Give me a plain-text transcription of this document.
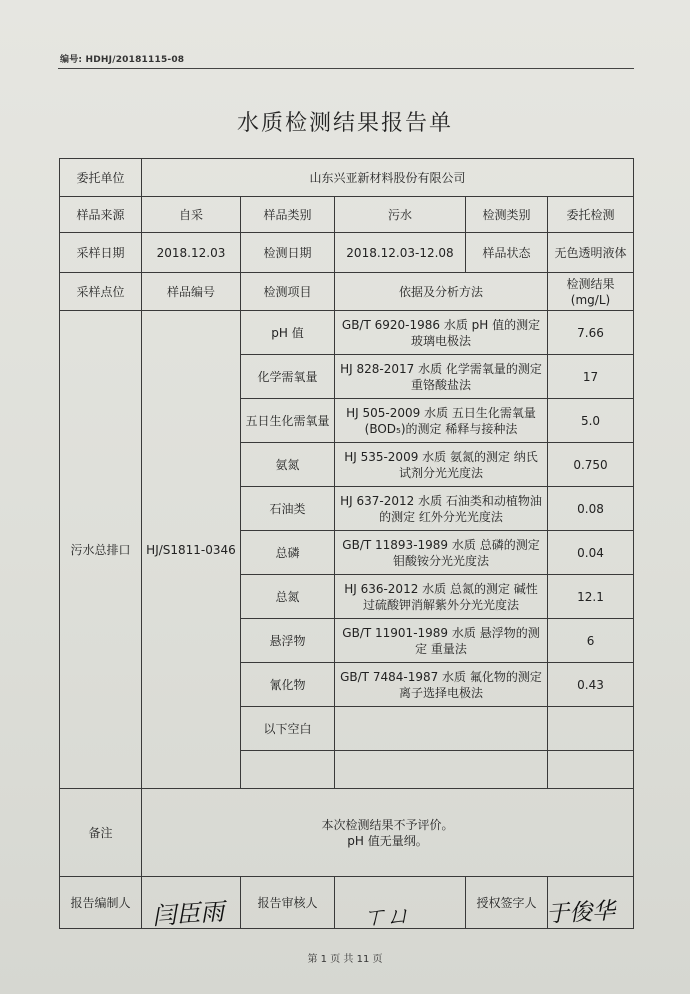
编号: HDHJ/20181115-08
水质检测结果报告单
委托单位	山东兴亚新材料股份有限公司				
样品来源	自采	样品类别	污水	检测类别	委托检测
采样日期	2018.12.03	检测日期	2018.12.03-12.08	样品状态	无色透明液体
采样点位	样品编号	检测项目	依据及分析方法		检测结果(mg/L)
污水总排口	HJ/S1811-0346	pH 值	GB/T 6920-1986 水质 pH 值的测定 玻璃电极法		7.66
		化学需氧量	HJ 828-2017 水质 化学需氧量的测定 重铬酸盐法		17
		五日生化需氧量	HJ 505-2009 水质 五日生化需氧量(BOD₅)的测定 稀释与接种法		5.0
		氨氮	HJ 535-2009 水质 氨氮的测定 纳氏试剂分光光度法		0.750
		石油类	HJ 637-2012 水质 石油类和动植物油的测定 红外分光光度法		0.08
		总磷	GB/T 11893-1989 水质 总磷的测定 钼酸铵分光光度法		0.04
		总氮	HJ 636-2012 水质 总氮的测定 碱性过硫酸钾消解紫外分光光度法		12.1
		悬浮物	GB/T 11901-1989 水质 悬浮物的测定 重量法		6
		氰化物	GB/T 7484-1987 水质 氟化物的测定 离子选择电极法		0.43
		以下空白			

备注	本次检测结果不予评价。
pH 值无量纲。				

报告编制人		报告审核人		授权签字人	
闫臣雨	ㄒㄩ	于俊华
第 1 页 共 11 页
